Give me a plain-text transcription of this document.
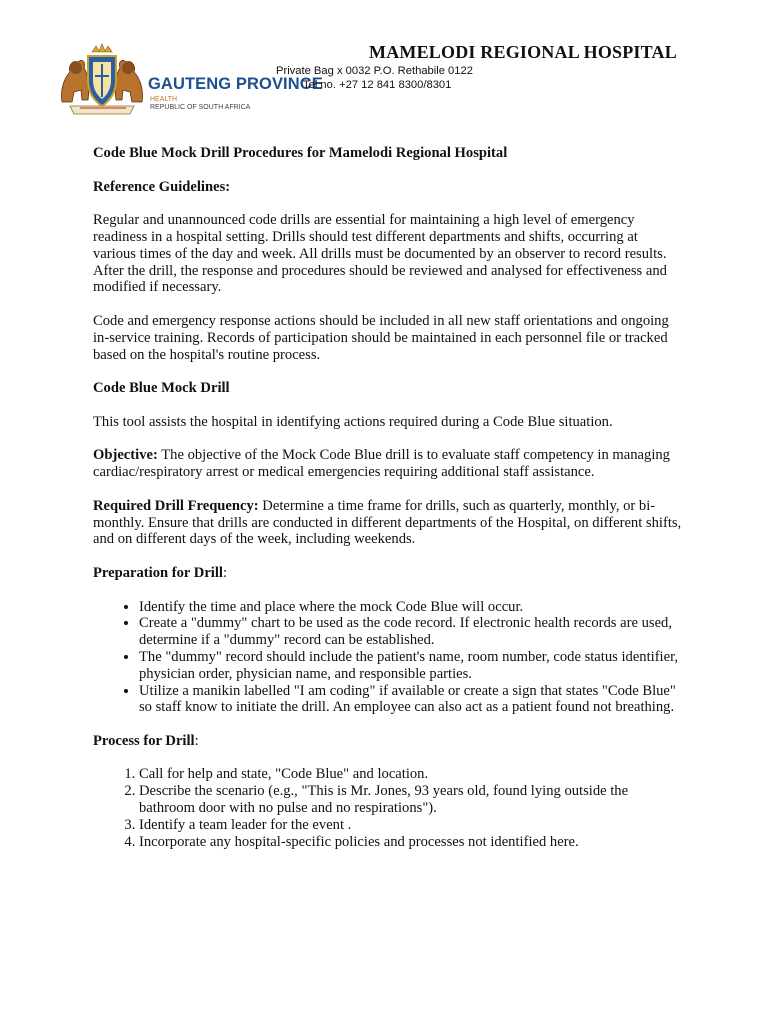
GAUTENG PROVINCE
HEALTH
REPUBLIC OF SOUTH AFRICA
MAMELODI REGIONAL HOSPITAL
Private Bag x 0032 P.O. Rethabile 0122
Tel no. +27 12 841 8300/8301

Code Blue Mock Drill Procedures for Mamelodi Regional Hospital

Reference Guidelines:

Regular and unannounced code drills are essential for maintaining a high level of emergency readiness in a hospital setting. Drills should test different departments and shifts, occurring at various times of the day and week. All drills must be documented by an observer to record results. After the drill, the response and procedures should be reviewed and analysed for effectiveness and modified if necessary.

Code and emergency response actions should be included in all new staff orientations and ongoing in-service training. Records of participation should be maintained in each personnel file or tracked based on the hospital's routine process.

Code Blue Mock Drill

This tool assists the hospital in identifying actions required during a Code Blue situation.

Objective: The objective of the Mock Code Blue drill is to evaluate staff competency in managing cardiac/respiratory arrest or medical emergencies requiring additional staff assistance.

Required Drill Frequency: Determine a time frame for drills, such as quarterly, monthly, or bi-monthly. Ensure that drills are conducted in different departments of the Hospital, on different shifts, and on different days of the week, including weekends.

Preparation for Drill:

• Identify the time and place where the mock Code Blue will occur.
• Create a "dummy" chart to be used as the code record. If electronic health records are used, determine if a "dummy" record can be established.
• The "dummy" record should include the patient's name, room number, code status identifier, physician order, physician name, and responsible parties.
• Utilize a manikin labelled "I am coding" if available or create a sign that states "Code Blue" so staff know to initiate the drill. An employee can also act as a patient found not breathing.

Process for Drill:

1. Call for help and state, "Code Blue" and location.
2. Describe the scenario (e.g., "This is Mr. Jones, 93 years old, found lying outside the bathroom door with no pulse and no respirations").
3. Identify a team leader for the event .
4. Incorporate any hospital-specific policies and processes not identified here.
